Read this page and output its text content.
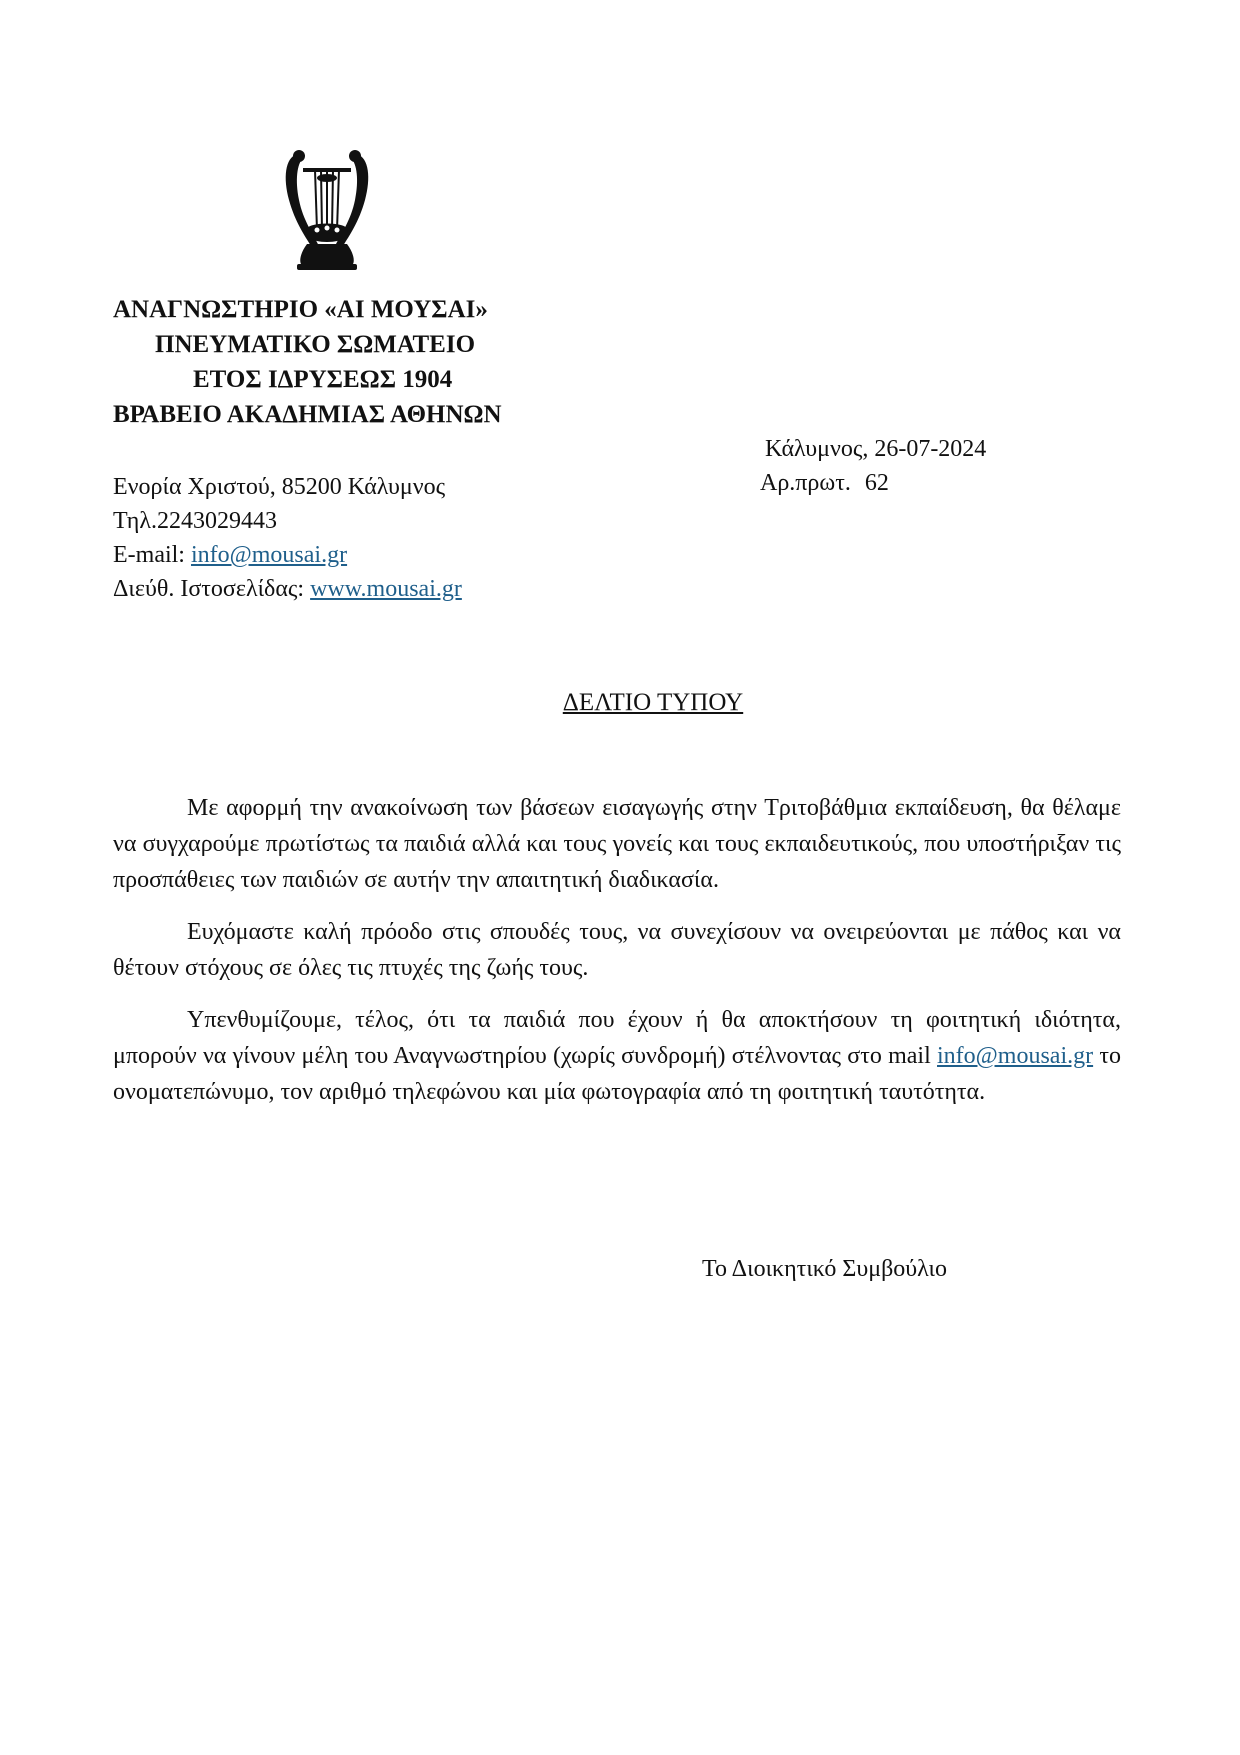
ΑΝΑΓΝΩΣΤΗΡΙΟ «ΑΙ ΜΟΥΣΑΙ»
ΠΝΕΥΜΑΤΙΚΟ ΣΩΜΑΤΕΙΟ
ΕΤΟΣ ΙΔΡΥΣΕΩΣ 1904
ΒΡΑΒΕΙΟ ΑΚΑΔΗΜΙΑΣ ΑΘΗΝΩΝ
Κάλυμνος, 26-07-2024
Αρ.πρωτ. 62
Ενορία Χριστού, 85200 Κάλυμνος
Τηλ.2243029443
E-mail: info@mousai.gr
Διεύθ. Ιστοσελίδας: www.mousai.gr
ΔΕΛΤΙΟ ΤΥΠΟΥ

Με αφορμή την ανακοίνωση των βάσεων εισαγωγής στην Τριτοβάθμια εκπαίδευση, θα θέλαμε να συγχαρούμε πρωτίστως τα παιδιά αλλά και τους γονείς και τους εκπαιδευτικούς, που υποστήριξαν τις προσπάθειες των παιδιών σε αυτήν την απαιτητική διαδικασία.

Ευχόμαστε καλή πρόοδο στις σπουδές τους, να συνεχίσουν να ονειρεύονται με πάθος και να θέτουν στόχους σε όλες τις πτυχές της ζωής τους.

Υπενθυμίζουμε, τέλος, ότι τα παιδιά που έχουν ή θα αποκτήσουν τη φοιτητική ιδιότητα, μπορούν να γίνουν μέλη του Αναγνωστηρίου (χωρίς συνδρομή) στέλνοντας στο mail info@mousai.gr το ονοματεπώνυμο, τον αριθμό τηλεφώνου και μία φωτογραφία από τη φοιτητική ταυτότητα.

Το Διοικητικό Συμβούλιο
